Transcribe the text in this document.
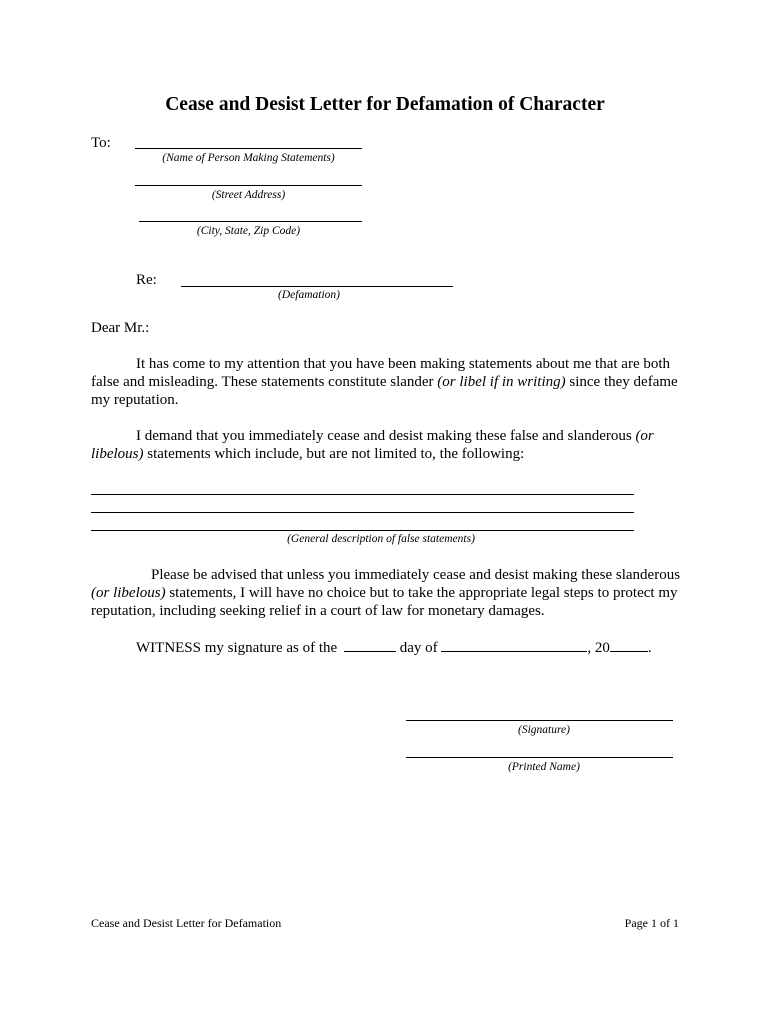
Cease and Desist Letter for Defamation of Character
To:
(Name of Person Making Statements)
(Street Address)
(City, State, Zip Code)
Re:
(Defamation)
Dear Mr.:
It has come to my attention that you have been making statements about me that are both false and misleading. These statements constitute slander (or libel if in writing) since they defame my reputation.
I demand that you immediately cease and desist making these false and slanderous (or libelous) statements which include, but are not limited to, the following:
(General description of false statements)
Please be advised that unless you immediately cease and desist making these slanderous (or libelous) statements, I will have no choice but to take the appropriate legal steps to protect my reputation, including seeking relief in a court of law for monetary damages.
WITNESS my signature as of the	day of	, 20	.
(Signature)
(Printed Name)
Cease and Desist Letter for Defamation	Page 1 of 1
